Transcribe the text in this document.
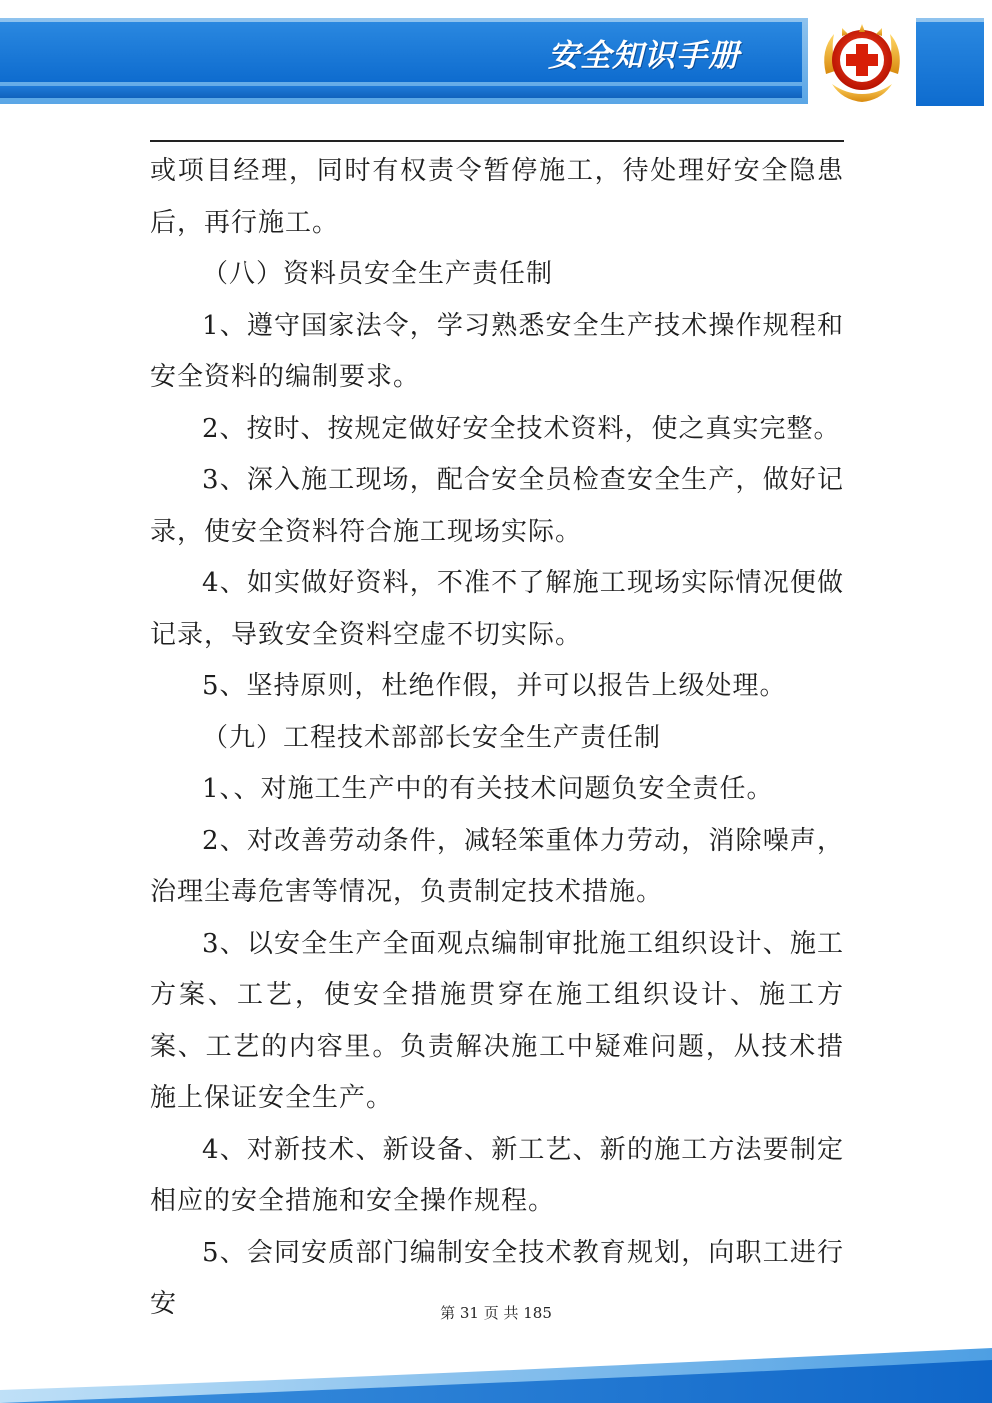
安全知识手册

或项目经理，同时有权责令暂停施工，待处理好安全隐患后，再行施工。

（八）资料员安全生产责任制

1、遵守国家法令，学习熟悉安全生产技术操作规程和安全资料的编制要求。

2、按时、按规定做好安全技术资料，使之真实完整。

3、深入施工现场，配合安全员检查安全生产，做好记录，使安全资料符合施工现场实际。

4、如实做好资料，不准不了解施工现场实际情况便做记录，导致安全资料空虚不切实际。

5、坚持原则，杜绝作假，并可以报告上级处理。

（九）工程技术部部长安全生产责任制

1、、对施工生产中的有关技术问题负安全责任。

2、对改善劳动条件，减轻笨重体力劳动，消除噪声，治理尘毒危害等情况，负责制定技术措施。

3、以安全生产全面观点编制审批施工组织设计、施工方案、工艺，使安全措施贯穿在施工组织设计、施工方案、工艺的内容里。负责解决施工中疑难问题，从技术措施上保证安全生产。

4、对新技术、新设备、新工艺、新的施工方法要制定相应的安全措施和安全操作规程。

5、会同安质部门编制安全技术教育规划，向职工进行安	第 31 页 共 185
